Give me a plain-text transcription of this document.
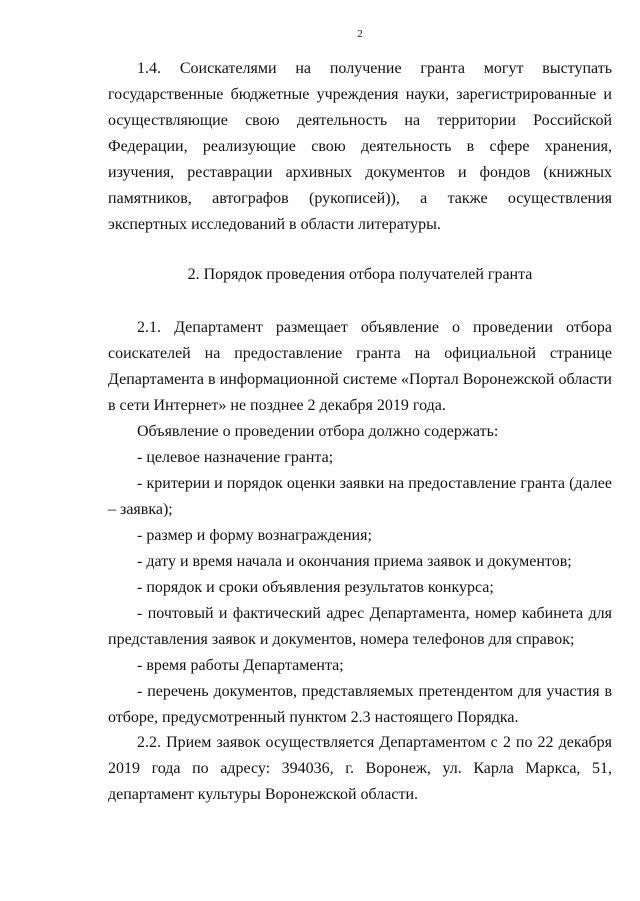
2

1.4. Соискателями на получение гранта могут выступать государственные бюджетные учреждения науки, зарегистрированные и осуществляющие свою деятельность на территории Российской Федерации, реализующие свою деятельность в сфере хранения, изучения, реставрации архивных документов и фондов (книжных памятников, автографов (рукописей)), а также осуществления экспертных исследований в области литературы.

2. Порядок проведения отбора получателей гранта

2.1. Департамент размещает объявление о проведении отбора соискателей на предоставление гранта на официальной странице Департамента в информационной системе «Портал Воронежской области в сети Интернет» не позднее 2 декабря 2019 года.

Объявление о проведении отбора должно содержать:

- целевое назначение гранта;

- критерии и порядок оценки заявки на предоставление гранта (далее – заявка);

- размер и форму вознаграждения;

- дату и время начала и окончания приема заявок и документов;

- порядок и сроки объявления результатов конкурса;

- почтовый и фактический адрес Департамента, номер кабинета для представления заявок и документов, номера телефонов для справок;

- время работы Департамента;

- перечень документов, представляемых претендентом для участия в отборе, предусмотренный пунктом 2.3 настоящего Порядка.

2.2. Прием заявок осуществляется Департаментом с 2 по 22 декабря 2019 года по адресу: 394036, г. Воронеж, ул. Карла Маркса, 51, департамент культуры Воронежской области.
